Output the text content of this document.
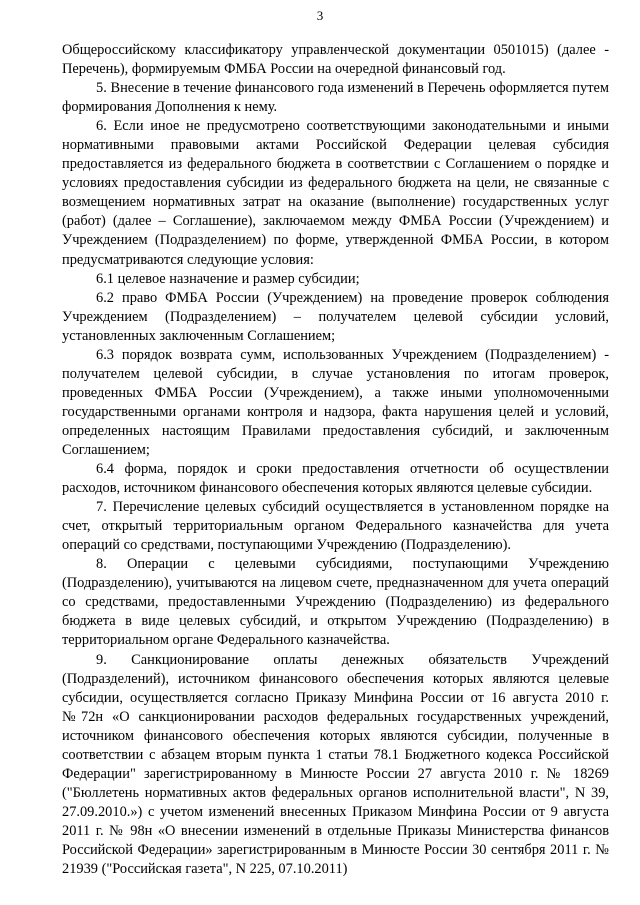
3

Общероссийскому классификатору управленческой документации 0501015) (далее - Перечень), формируемым ФМБА России на очередной финансовый год.

5. Внесение в течение финансового года изменений в Перечень оформляется путем формирования Дополнения к нему.

6. Если иное не предусмотрено соответствующими законодательными и иными нормативными правовыми актами Российской Федерации целевая субсидия предоставляется из федерального бюджета в соответствии с Соглашением о порядке и условиях предоставления субсидии из федерального бюджета на цели, не связанные с возмещением нормативных затрат на оказание (выполнение) государственных услуг (работ) (далее – Соглашение), заключаемом между ФМБА России (Учреждением) и Учреждением (Подразделением) по форме, утвержденной ФМБА России, в котором предусматриваются следующие условия:

6.1 целевое назначение и размер субсидии;

6.2 право ФМБА России (Учреждением) на проведение проверок соблюдения Учреждением (Подразделением) – получателем целевой субсидии условий, установленных заключенным Соглашением;

6.3 порядок возврата сумм, использованных Учреждением (Подразделением) - получателем целевой субсидии, в случае установления по итогам проверок, проведенных ФМБА России (Учреждением), а также иными уполномоченными государственными органами контроля и надзора, факта нарушения целей и условий, определенных настоящим Правилами предоставления субсидий, и заключенным Соглашением;

6.4 форма, порядок и сроки предоставления отчетности об осуществлении расходов, источником финансового обеспечения которых являются целевые субсидии.

7. Перечисление целевых субсидий осуществляется в установленном порядке на счет, открытый территориальным органом Федерального казначейства для учета операций со средствами, поступающими Учреждению (Подразделению).

8. Операции с целевыми субсидиями, поступающими Учреждению (Подразделению), учитываются на лицевом счете, предназначенном для учета операций со средствами, предоставленными Учреждению (Подразделению) из федерального бюджета в виде целевых субсидий, и открытом Учреждению (Подразделению) в территориальном органе Федерального казначейства.

9. Санкционирование оплаты денежных обязательств Учреждений (Подразделений), источником финансового обеспечения которых являются целевые субсидии, осуществляется согласно Приказу Минфина России от 16 августа 2010 г. №72н «О санкционировании расходов федеральных государственных учреждений, источником финансового обеспечения которых являются субсидии, полученные в соответствии с абзацем вторым пункта 1 статьи 78.1 Бюджетного кодекса Российской Федерации" зарегистрированному в Минюсте России 27 августа 2010 г. № 18269 ("Бюллетень нормативных актов федеральных органов исполнительной власти", N 39, 27.09.2010.») с учетом изменений внесенных Приказом Минфина России от 9 августа 2011 г. № 98н «О внесении изменений в отдельные Приказы Министерства финансов Российской Федерации» зарегистрированным в Минюсте России 30 сентября 2011 г. № 21939 ("Российская газета", N 225, 07.10.2011)
